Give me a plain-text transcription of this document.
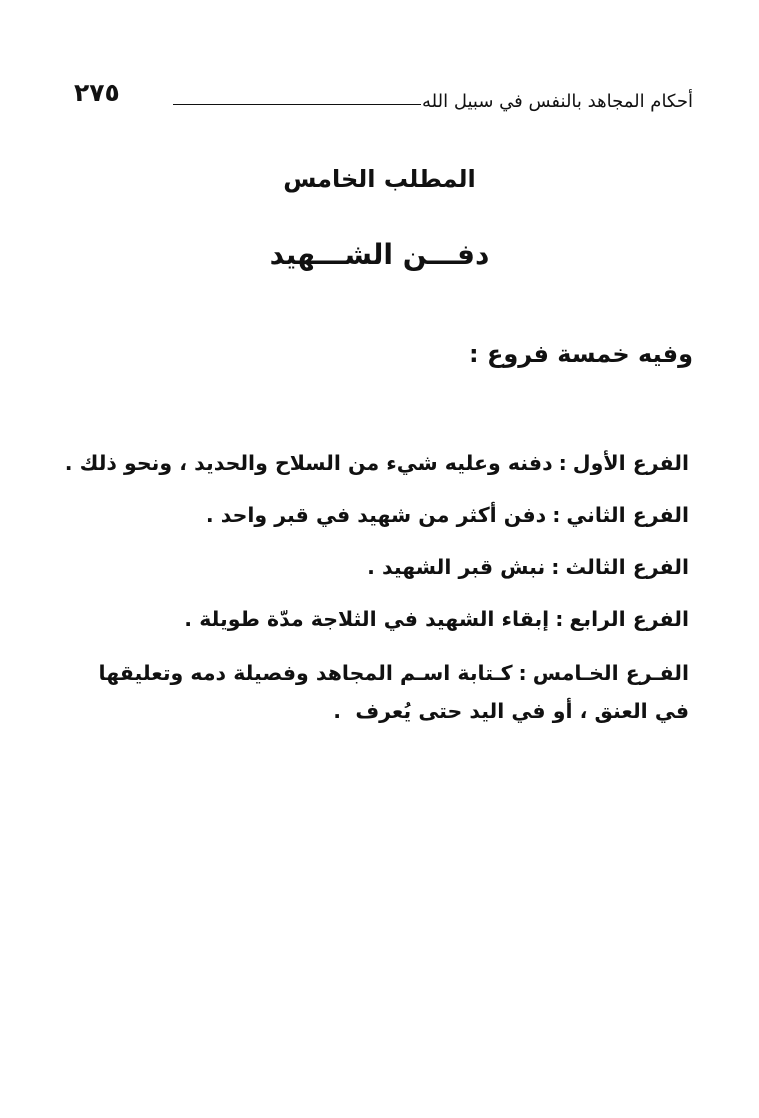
أحكام المجاهد بالنفس في سبيل الله
٢٧٥
المطلب الخامس
دفـــن الشـــهيد
وفيه خمسة فروع :
الفرع الأول:دفنه وعليه شيء من السلاح والحديد ، ونحو ذلك .
الفرع الثاني:دفن أكثر من شهيد في قبر واحد .
الفرع الثالث:نبش قبر الشهيد .
الفرع الرابع:إبقاء الشهيد في الثلاجة مدّة طويلة .
الفـرع الخـامس:كـتابة اسـم المجاهد وفصيلة دمه وتعليقها في العنق ، أو في اليد حتى يُعرف  .
